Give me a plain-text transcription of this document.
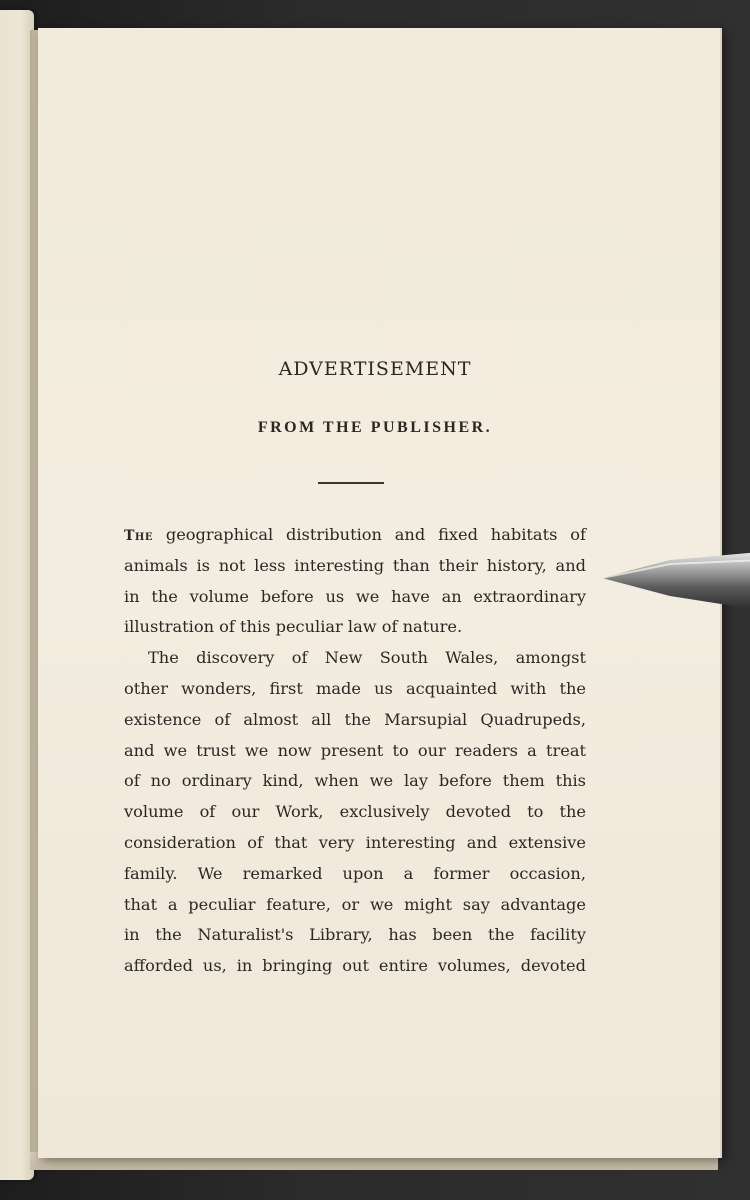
ADVERTISEMENT
FROM THE PUBLISHER.
The geographical distribution and fixed habitats of
animals is not less interesting than their history, and
in the volume before us we have an extraordinary
illustration of this peculiar law of nature.
The discovery of New South Wales, amongst
other wonders, first made us acquainted with the
existence of almost all the Marsupial Quadrupeds,
and we trust we now present to our readers a treat
of no ordinary kind, when we lay before them this
volume of our Work, exclusively devoted to the
consideration of that very interesting and extensive
family. We remarked upon a former occasion,
that a peculiar feature, or we might say advantage
in the Naturalist's Library, has been the facility
afforded us, in bringing out entire volumes, devoted
